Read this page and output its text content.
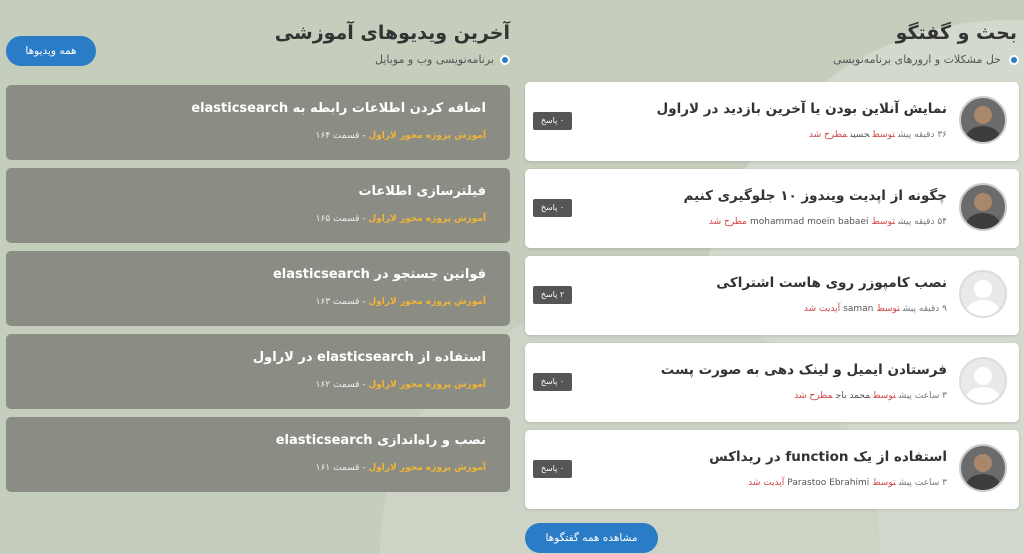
بحث و گفتگو
حل مشکلات و ارورهای برنامه‌نویسی
نمایش آنلاین بودن یا آخرین بازدید در لاراول
۳۶ دقیقه پیشتوسطحسینمطرح شد
۰ پاسخ
چگونه از اپدیت ویندوز ۱۰ جلوگیری کنیم
۵۴ دقیقه پیشتوسطmohammad moein babaeiمطرح شد
۰ پاسخ
نصب کامپوزر روی هاست اشتراکی
۹ دقیقه پیشتوسطsamanآپدیت شد
۲ پاسخ
فرستادن ایمیل و لینک دهی به صورت پست
۳ ساعت پیشتوسطمحمد باجمطرح شد
۰ پاسخ
استفاده از یک function در ریداکس
۳ ساعت پیشتوسطParastoo Ebrahimiآپدیت شد
۰ پاسخ
مشاهده همه گفتگوها
آخرین ویدیوهای آموزشی
برنامه‌نویسی وب و موبایل
همه ویدیوها
اضافه کردن اطلاعات رابطه به elasticsearch
آموزش پروژه محور لاراول - قسمت ۱۶۴
فیلترسازی اطلاعات
آموزش پروژه محور لاراول - قسمت ۱۶۵
قوانین جستجو در elasticsearch
آموزش پروژه محور لاراول - قسمت ۱۶۳
استفاده از elasticsearch در لاراول
آموزش پروژه محور لاراول - قسمت ۱۶۲
نصب و راه‌اندازی elasticsearch
آموزش پروژه محور لاراول - قسمت ۱۶۱
